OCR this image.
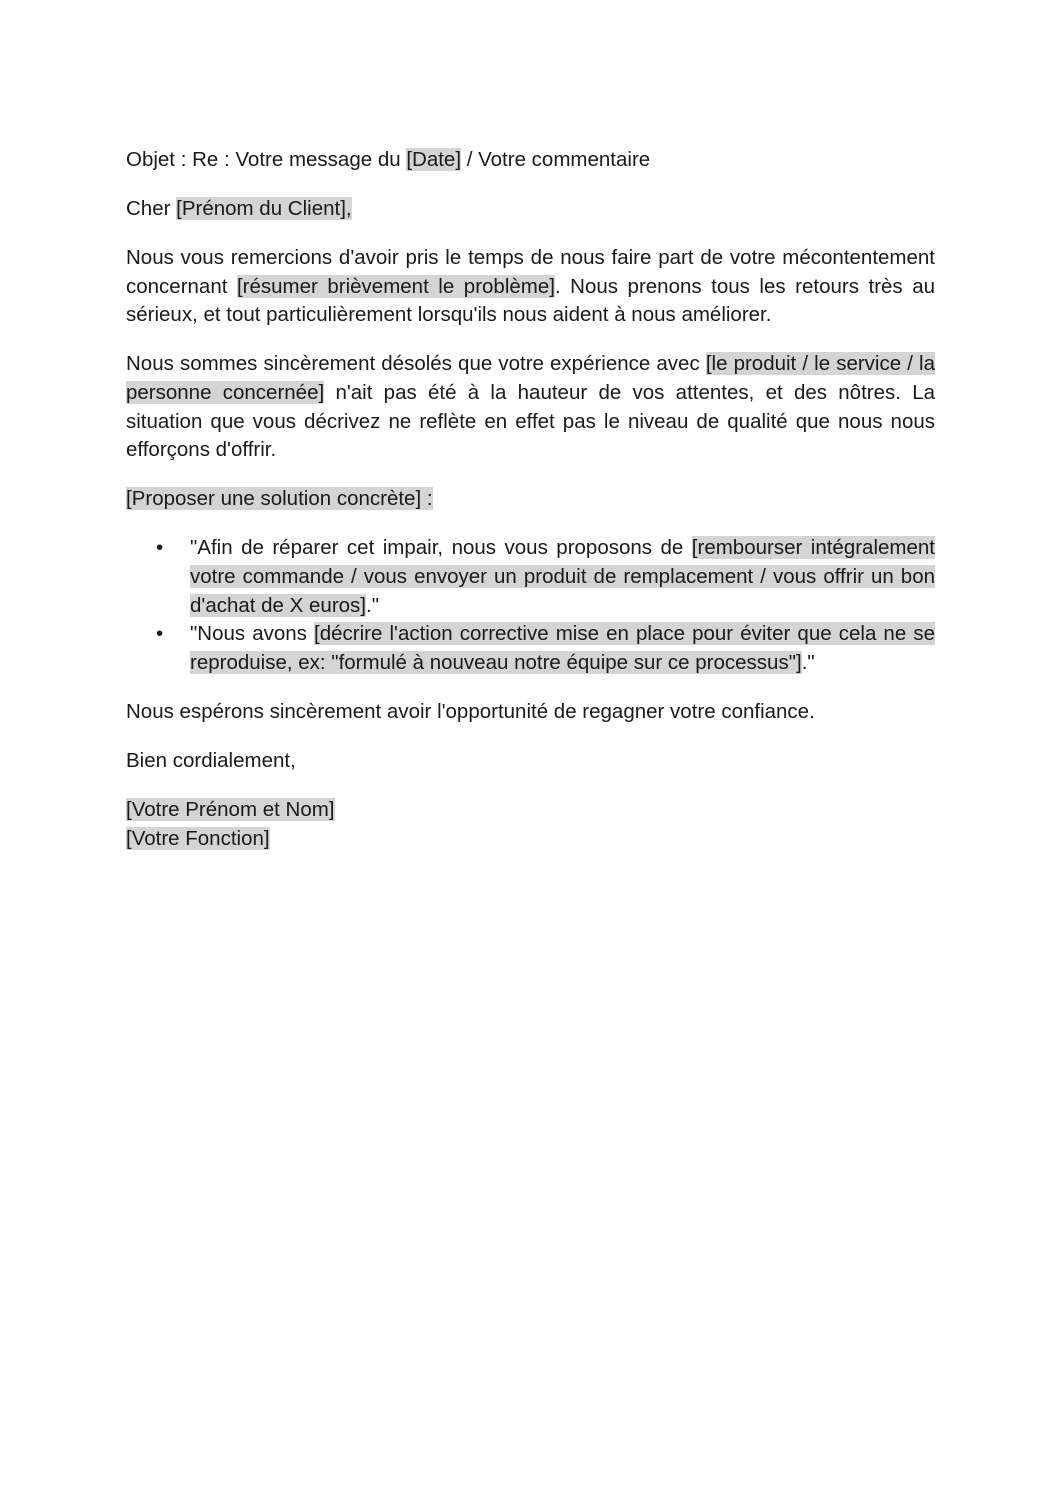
Objet : Re : Votre message du [Date] / Votre commentaire

Cher [Prénom du Client],

Nous vous remercions d'avoir pris le temps de nous faire part de votre mécontentement concernant [résumer brièvement le problème]. Nous prenons tous les retours très au sérieux, et tout particulièrement lorsqu'ils nous aident à nous améliorer.

Nous sommes sincèrement désolés que votre expérience avec [le produit / le service / la personne concernée] n'ait pas été à la hauteur de vos attentes, et des nôtres. La situation que vous décrivez ne reflète en effet pas le niveau de qualité que nous nous efforçons d'offrir.

[Proposer une solution concrète] :

• "Afin de réparer cet impair, nous vous proposons de [rembourser intégralement votre commande / vous envoyer un produit de remplacement / vous offrir un bon d'achat de X euros]."
• "Nous avons [décrire l'action corrective mise en place pour éviter que cela ne se reproduise, ex: "formulé à nouveau notre équipe sur ce processus"]."

Nous espérons sincèrement avoir l'opportunité de regagner votre confiance.

Bien cordialement,

[Votre Prénom et Nom]
[Votre Fonction]
